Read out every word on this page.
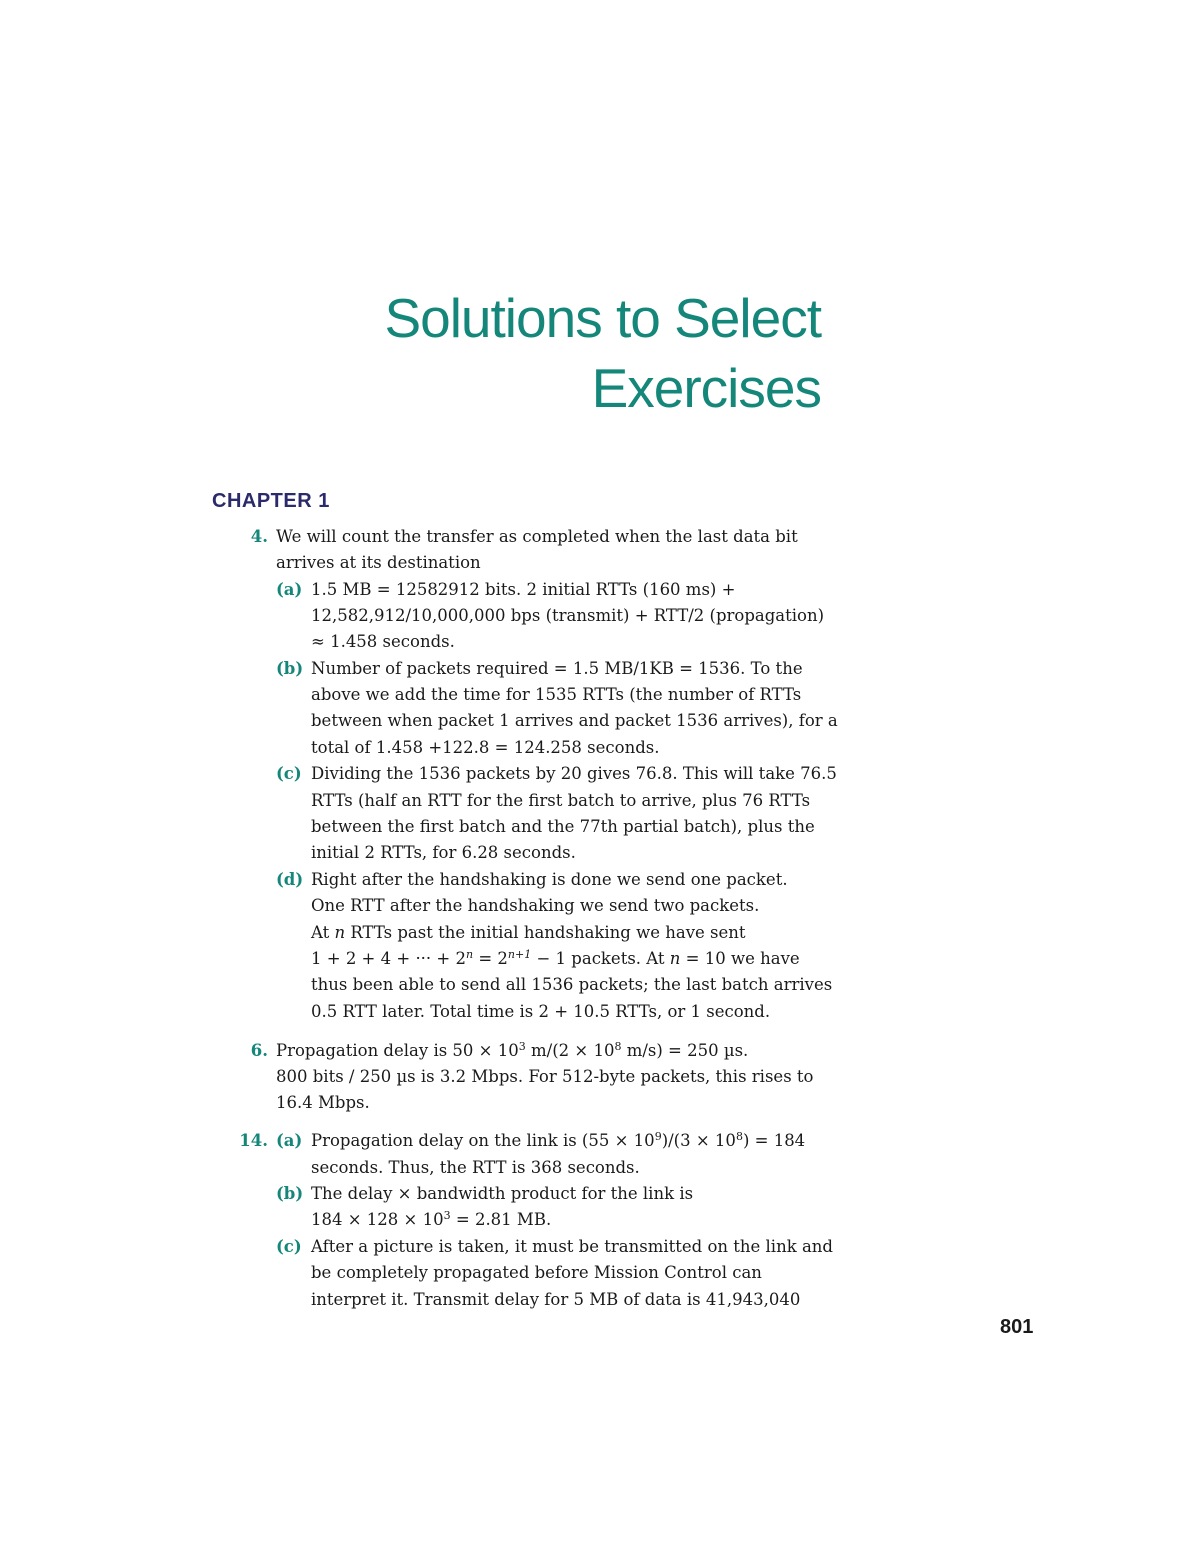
Solutions to Select
Exercises
CHAPTER 1
4. We will count the transfer as completed when the last data bit
arrives at its destination
(a) 1.5 MB = 12582912 bits. 2 initial RTTs (160 ms) +
12,582,912/10,000,000 bps (transmit) + RTT/2 (propagation)
≈ 1.458 seconds.
(b) Number of packets required = 1.5 MB/1KB = 1536. To the
above we add the time for 1535 RTTs (the number of RTTs
between when packet 1 arrives and packet 1536 arrives), for a
total of 1.458 +122.8 = 124.258 seconds.
(c) Dividing the 1536 packets by 20 gives 76.8. This will take 76.5
RTTs (half an RTT for the first batch to arrive, plus 76 RTTs
between the first batch and the 77th partial batch), plus the
initial 2 RTTs, for 6.28 seconds.
(d) Right after the handshaking is done we send one packet.
One RTT after the handshaking we send two packets.
At n RTTs past the initial handshaking we have sent
1 + 2 + 4 + ··· + $2^n = 2^{n+1} - 1$ packets. At n = 10 we have
thus been able to send all 1536 packets; the last batch arrives
0.5 RTT later. Total time is 2 + 10.5 RTTs, or 1 second.
6. Propagation delay is $50 \times 10^3$ $m/(2 \times 10^8$ m/s) = 250 µs.
800 bits / 250 µs is 3.2 Mbps. For 512-byte packets, this rises to
16.4 Mbps.
14. (a) Propagation delay on the link is $(55 \times 10^9)/(3 \times 10^8) = 184$
seconds. Thus, the RTT is 368 seconds.
(b) The delay × bandwidth product for the link is
$184 \times 128 \times 10^3 = 2.81$ MB.
(c) After a picture is taken, it must be transmitted on the link and
be completely propagated before Mission Control can
interpret it. Transmit delay for 5 MB of data is 41,943,040
801
